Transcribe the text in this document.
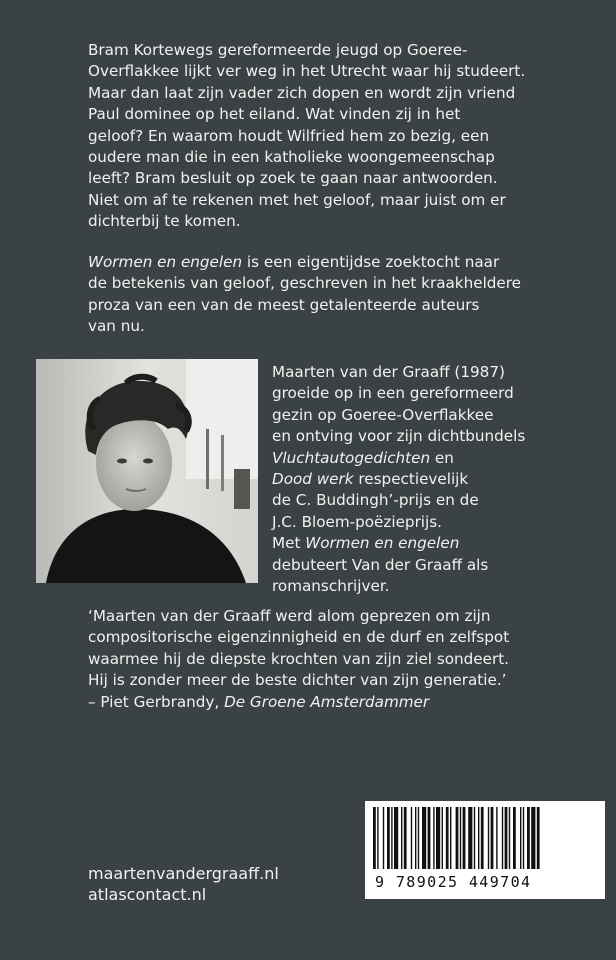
Bram Kortewegs gereformeerde jeugd op Goeree-
Overflakkee lijkt ver weg in het Utrecht waar hij studeert.
Maar dan laat zijn vader zich dopen en wordt zijn vriend
Paul dominee op het eiland. Wat vinden zij in het
geloof? En waarom houdt Wilfried hem zo bezig, een
oudere man die in een katholieke woongemeenschap
leeft? Bram besluit op zoek te gaan naar antwoorden.
Niet om af te rekenen met het geloof, maar juist om er
dichterbij te komen.
Wormen en engelen is een eigentijdse zoektocht naar
de betekenis van geloof, geschreven in het kraakheldere
proza van een van de meest getalenteerde auteurs
van nu.
Maarten van der Graaff (1987)
groeide op in een gereformeerd
gezin op Goeree-Overflakkee
en ontving voor zijn dichtbundels
Vluchtautogedichten en
Dood werk respectievelijk
de C. Buddingh’-prijs en de
J.C. Bloem-poëzieprijs.
Met Wormen en engelen
debuteert Van der Graaff als
romanschrijver.
‘Maarten van der Graaff werd alom geprezen om zijn
compositorische eigenzinnigheid en de durf en zelfspot
waarmee hij de diepste krochten van zijn ziel sondeert.
Hij is zonder meer de beste dichter van zijn generatie.’
– Piet Gerbrandy, De Groene Amsterdammer
maartenvandergraaff.nl
atlascontact.nl
9 789025 449704
